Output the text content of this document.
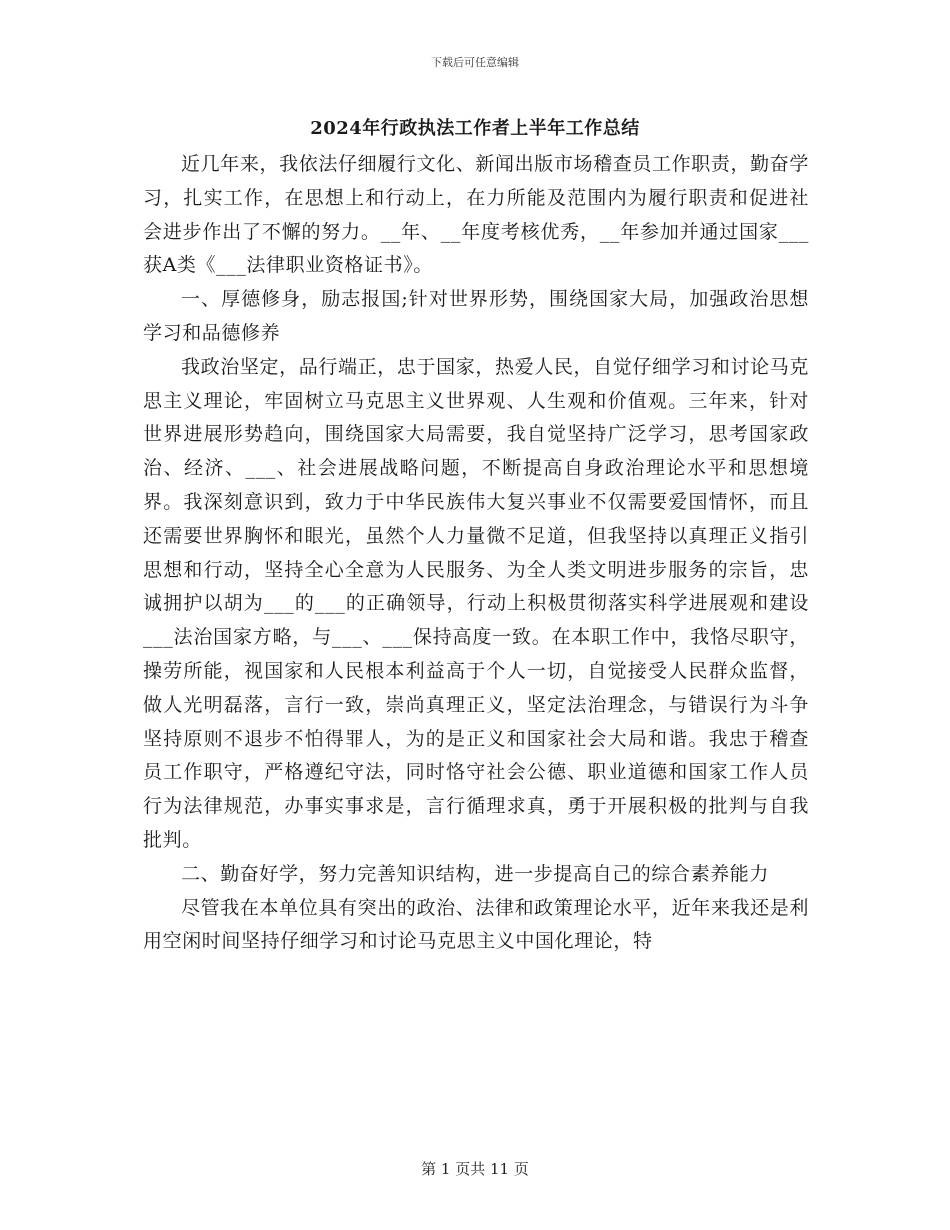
下载后可任意编辑
2024年行政执法工作者上半年工作总结

近几年来，我依法仔细履行文化、新闻出版市场稽查员工作职责，勤奋学习，扎实工作，在思想上和行动上，在力所能及范围内为履行职责和促进社会进步作出了不懈的努力。__年、__年度考核优秀，__年参加并通过国家___获A类《___法律职业资格证书》。

一、厚德修身，励志报国;针对世界形势，围绕国家大局，加强政治思想学习和品德修养

我政治坚定，品行端正，忠于国家，热爱人民，自觉仔细学习和讨论马克思主义理论，牢固树立马克思主义世界观、人生观和价值观。三年来，针对世界进展形势趋向，围绕国家大局需要，我自觉坚持广泛学习，思考国家政治、经济、___、社会进展战略问题，不断提高自身政治理论水平和思想境界。我深刻意识到，致力于中华民族伟大复兴事业不仅需要爱国情怀，而且还需要世界胸怀和眼光，虽然个人力量微不足道，但我坚持以真理正义指引思想和行动，坚持全心全意为人民服务、为全人类文明进步服务的宗旨，忠诚拥护以胡为___的___的正确领导，行动上积极贯彻落实科学进展观和建设___法治国家方略，与___、___保持高度一致。在本职工作中，我恪尽职守，操劳所能，视国家和人民根本利益高于个人一切，自觉接受人民群众监督，做人光明磊落，言行一致，崇尚真理正义，坚定法治理念，与错误行为斗争坚持原则不退步不怕得罪人，为的是正义和国家社会大局和谐。我忠于稽查员工作职守，严格遵纪守法，同时恪守社会公德、职业道德和国家工作人员行为法律规范，办事实事求是，言行循理求真，勇于开展积极的批判与自我批判。

二、勤奋好学，努力完善知识结构，进一步提高自己的综合素养能力

尽管我在本单位具有突出的政治、法律和政策理论水平，近年来我还是利用空闲时间坚持仔细学习和讨论马克思主义中国化理论，特

第 1 页共 11 页
